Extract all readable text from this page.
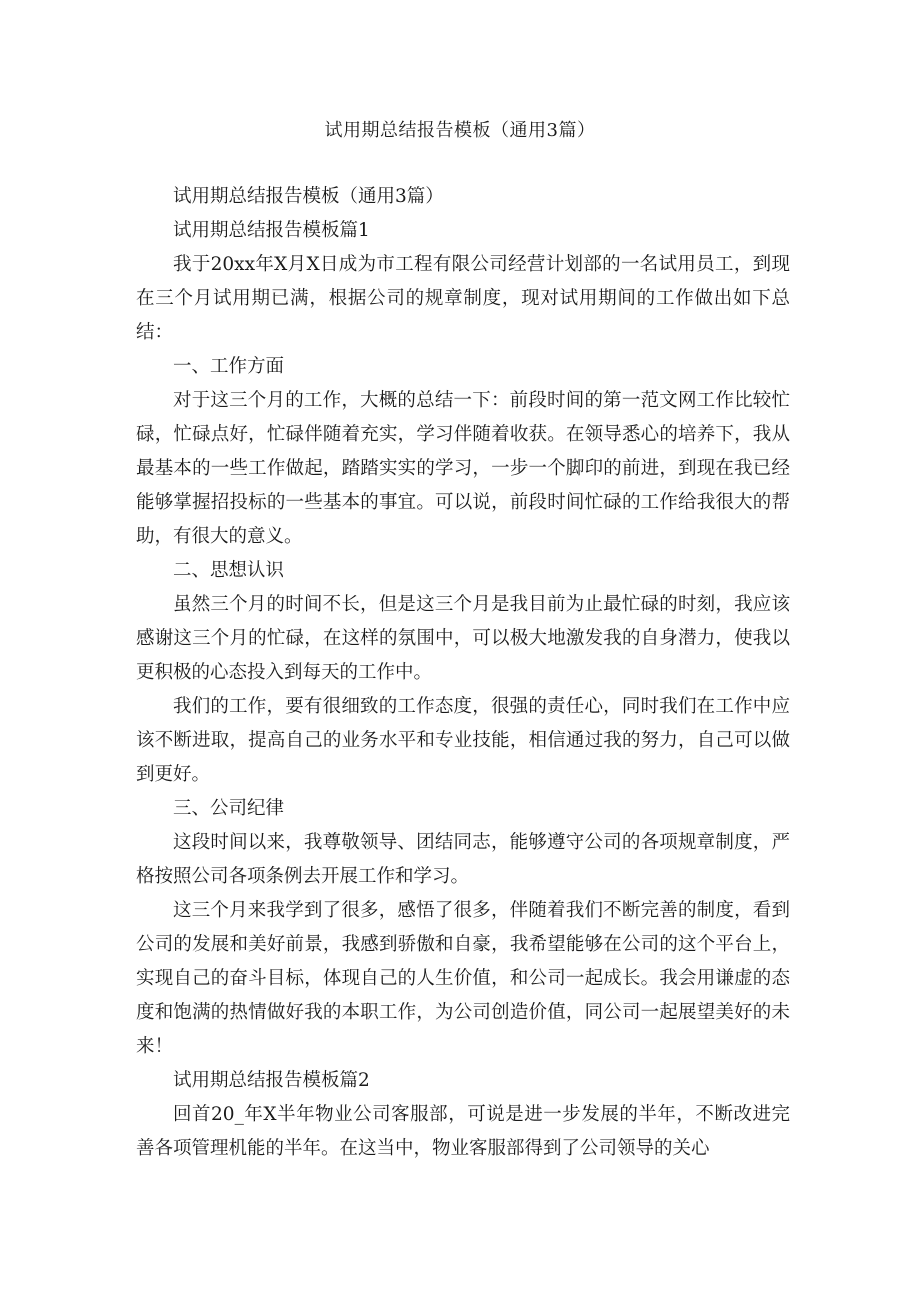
试用期总结报告模板（通用3篇）

试用期总结报告模板（通用3篇）

试用期总结报告模板篇1

我于20xx年X月X日成为市工程有限公司经营计划部的一名试用员工，到现在三个月试用期已满，根据公司的规章制度，现对试用期间的工作做出如下总结：

一、工作方面

对于这三个月的工作，大概的总结一下：前段时间的第一范文网工作比较忙碌，忙碌点好，忙碌伴随着充实，学习伴随着收获。在领导悉心的培养下，我从最基本的一些工作做起，踏踏实实的学习，一步一个脚印的前进，到现在我已经能够掌握招投标的一些基本的事宜。可以说，前段时间忙碌的工作给我很大的帮助，有很大的意义。

二、思想认识

虽然三个月的时间不长，但是这三个月是我目前为止最忙碌的时刻，我应该感谢这三个月的忙碌，在这样的氛围中，可以极大地激发我的自身潜力，使我以更积极的心态投入到每天的工作中。

我们的工作，要有很细致的工作态度，很强的责任心，同时我们在工作中应该不断进取，提高自己的业务水平和专业技能，相信通过我的努力，自己可以做到更好。

三、公司纪律

这段时间以来，我尊敬领导、团结同志，能够遵守公司的各项规章制度，严格按照公司各项条例去开展工作和学习。

这三个月来我学到了很多，感悟了很多，伴随着我们不断完善的制度，看到公司的发展和美好前景，我感到骄傲和自豪，我希望能够在公司的这个平台上，实现自己的奋斗目标，体现自己的人生价值，和公司一起成长。我会用谦虚的态度和饱满的热情做好我的本职工作，为公司创造价值，同公司一起展望美好的未来！

试用期总结报告模板篇2

回首20_年X半年物业公司客服部，可说是进一步发展的半年，不断改进完善各项管理机能的半年。在这当中，物业客服部得到了公司领导的关心
